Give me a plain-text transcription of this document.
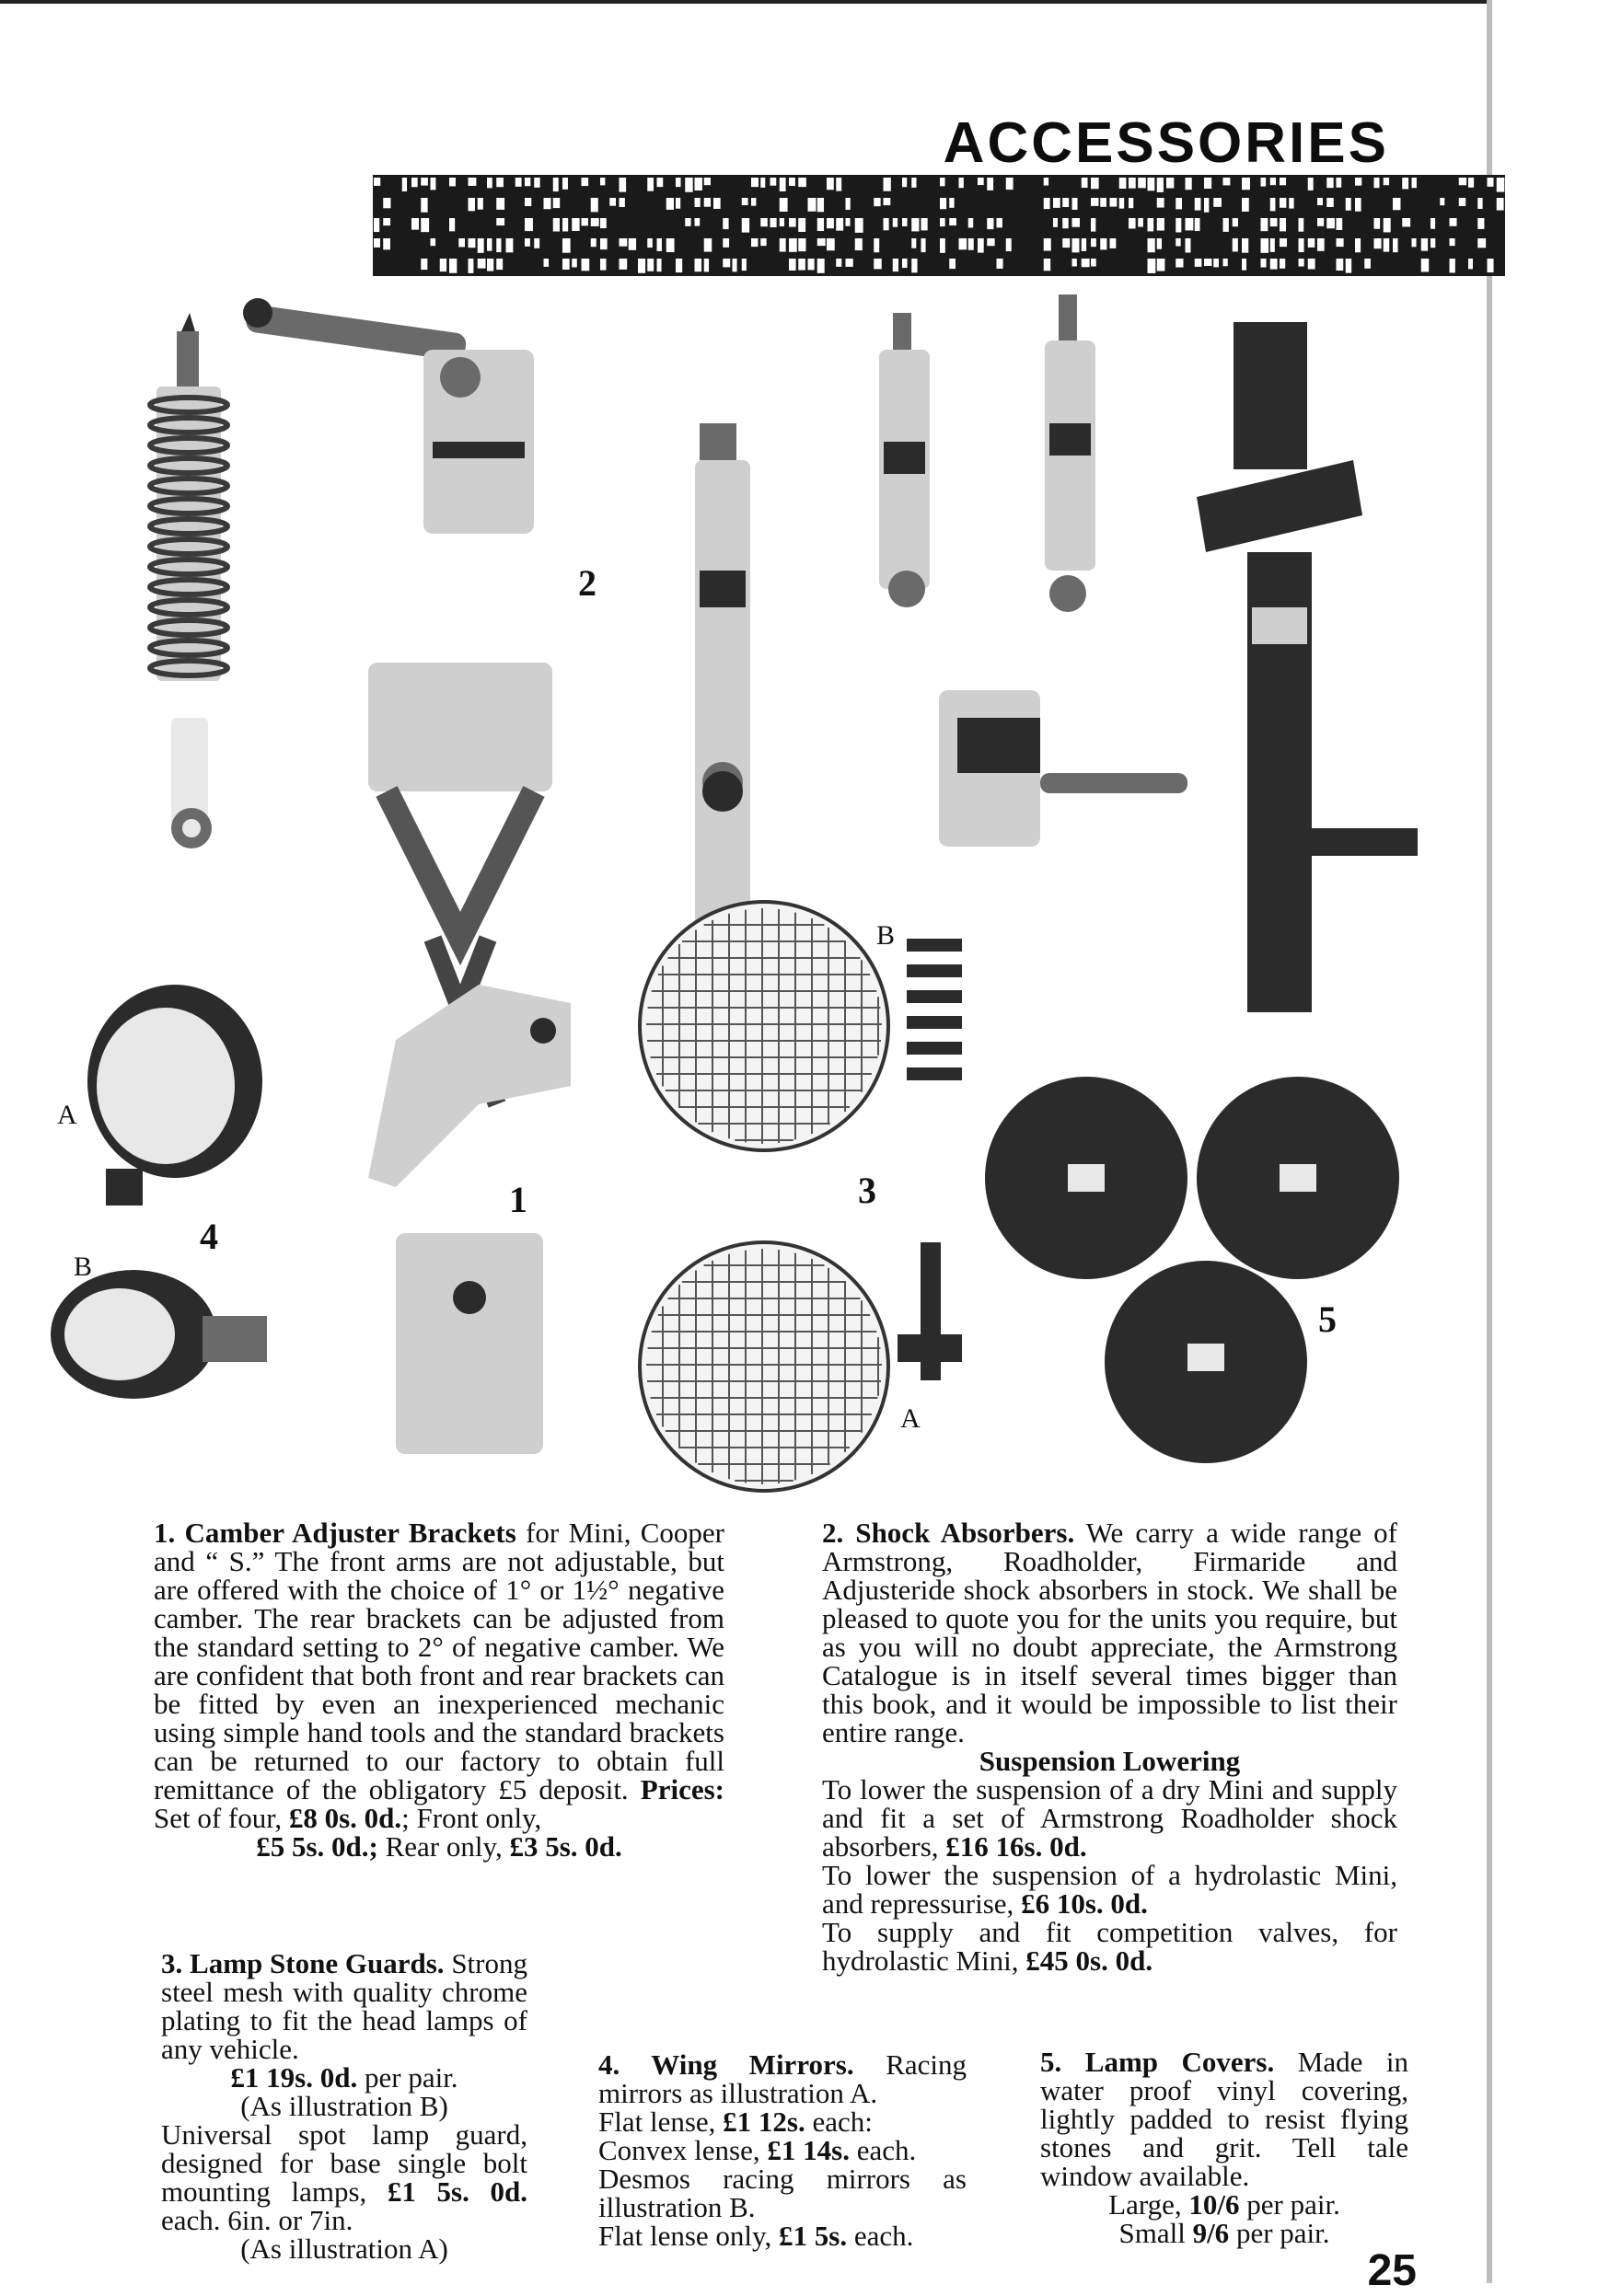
ACCESSORIES
2
B
A
1	3
4
B
5
A

1. Camber Adjuster Brackets for Mini, Cooper and “ S.” The front arms are not adjustable, but are offered with the choice of 1° or 1½° negative camber. The rear brackets can be adjusted from the standard setting to 2° of negative camber. We are confident that both front and rear brackets can be fitted by even an inexperienced mechanic using simple hand tools and the standard brackets can be returned to our factory to obtain full remittance of the obligatory £5 deposit. Prices: Set of four, £8 0s. 0d.; Front only,

£5 5s. 0d.; Rear only, £3 5s. 0d.

2. Shock Absorbers. We carry a wide range of Armstrong, Roadholder, Firmaride and Adjusteride shock absorbers in stock. We shall be pleased to quote you for the units you require, but as you will no doubt appreciate, the Armstrong Catalogue is in itself several times bigger than this book, and it would be impossible to list their entire range.

Suspension Lowering

To lower the suspension of a dry Mini and supply and fit a set of Armstrong Roadholder shock absorbers, £16 16s. 0d.

To lower the suspension of a hydrolastic Mini, and repressurise, £6 10s. 0d.

To supply and fit competition valves, for hydrolastic Mini, £45 0s. 0d.

3. Lamp Stone Guards. Strong steel mesh with quality chrome plating to fit the head lamps of any vehicle.

£1 19s. 0d. per pair.

(As illustration B)

Universal spot lamp guard, designed for base single bolt mounting lamps, £1 5s. 0d. each. 6in. or 7in.

(As illustration A)

4. Wing Mirrors. Racing mirrors as illustration A.

Flat lense, £1 12s. each:

Convex lense, £1 14s. each.

Desmos racing mirrors as illustration B.

Flat lense only, £1 5s. each.

5. Lamp Covers. Made in water proof vinyl covering, lightly padded to resist flying stones and grit. Tell tale window available.

Large, 10/6 per pair.

Small 9/6 per pair.

25
